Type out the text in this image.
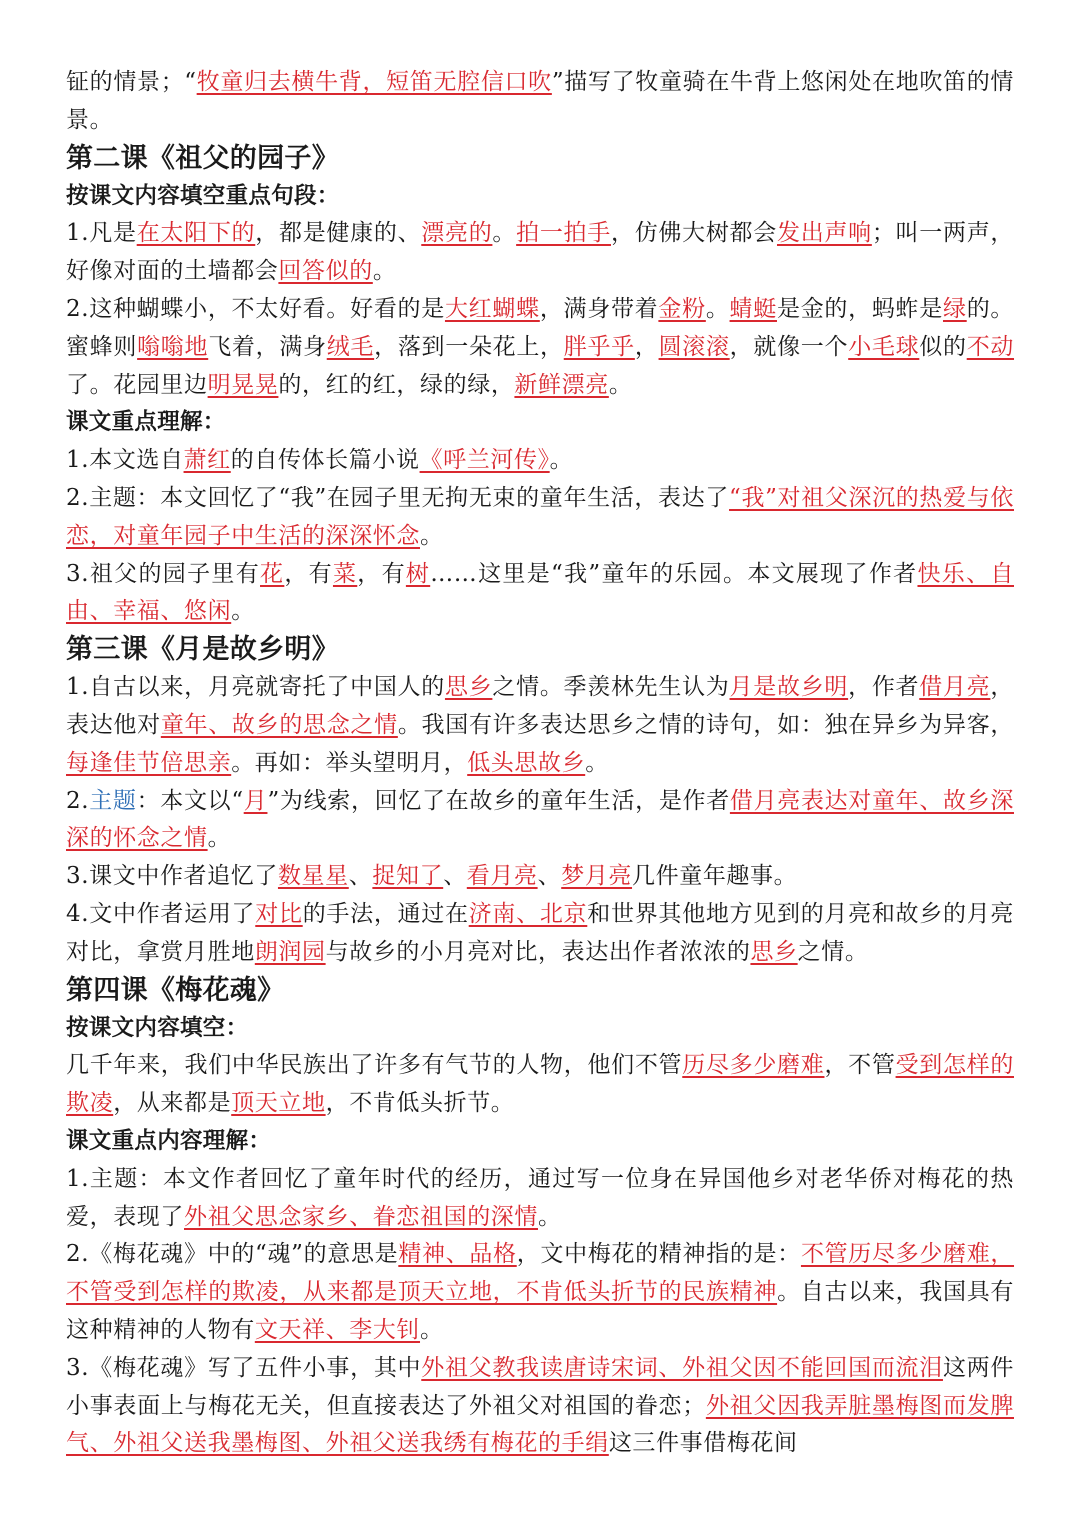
钲的情景；“牧童归去横牛背，短笛无腔信口吹”描写了牧童骑在牛背上悠闲处在地吹笛的情景。

第二课《祖父的园子》
按课文内容填空重点句段：

1.凡是在太阳下的，都是健康的、漂亮的。拍一拍手，仿佛大树都会发出声响；叫一两声，好像对面的土墙都会回答似的。

2.这种蝴蝶小，不太好看。好看的是大红蝴蝶，满身带着金粉。蜻蜓是金的，蚂蚱是绿的。蜜蜂则嗡嗡地飞着，满身绒毛，落到一朵花上，胖乎乎，圆滚滚，就像一个小毛球似的不动了。花园里边明晃晃的，红的红，绿的绿，新鲜漂亮。

课文重点理解：

1.本文选自萧红的自传体长篇小说《呼兰河传》。

2.主题：本文回忆了“我”在园子里无拘无束的童年生活，表达了“我”对祖父深沉的热爱与依恋，对童年园子中生活的深深怀念。

3.祖父的园子里有花，有菜，有树……这里是“我”童年的乐园。本文展现了作者快乐、自由、幸福、悠闲。

第三课《月是故乡明》

1.自古以来，月亮就寄托了中国人的思乡之情。季羡林先生认为月是故乡明，作者借月亮，表达他对童年、故乡的思念之情。我国有许多表达思乡之情的诗句，如：独在异乡为异客，每逢佳节倍思亲。再如：举头望明月，低头思故乡。

2.主题：本文以“月”为线索，回忆了在故乡的童年生活，是作者借月亮表达对童年、故乡深深的怀念之情。

3.课文中作者追忆了数星星、捉知了、看月亮、梦月亮几件童年趣事。

4.文中作者运用了对比的手法，通过在济南、北京和世界其他地方见到的月亮和故乡的月亮对比，拿赏月胜地朗润园与故乡的小月亮对比，表达出作者浓浓的思乡之情。

第四课《梅花魂》
按课文内容填空：

几千年来，我们中华民族出了许多有气节的人物，他们不管历尽多少磨难，不管受到怎样的欺凌，从来都是顶天立地，不肯低头折节。

课文重点内容理解：

1.主题：本文作者回忆了童年时代的经历，通过写一位身在异国他乡对老华侨对梅花的热爱，表现了外祖父思念家乡、眷恋祖国的深情。

2.《梅花魂》中的“魂”的意思是精神、品格，文中梅花的精神指的是：不管历尽多少磨难，不管受到怎样的欺凌，从来都是顶天立地，不肯低头折节的民族精神。自古以来，我国具有这种精神的人物有文天祥、李大钊。

3.《梅花魂》写了五件小事，其中外祖父教我读唐诗宋词、外祖父因不能回国而流泪这两件小事表面上与梅花无关，但直接表达了外祖父对祖国的眷恋；外祖父因我弄脏墨梅图而发脾气、外祖父送我墨梅图、外祖父送我绣有梅花的手绢这三件事借梅花间
